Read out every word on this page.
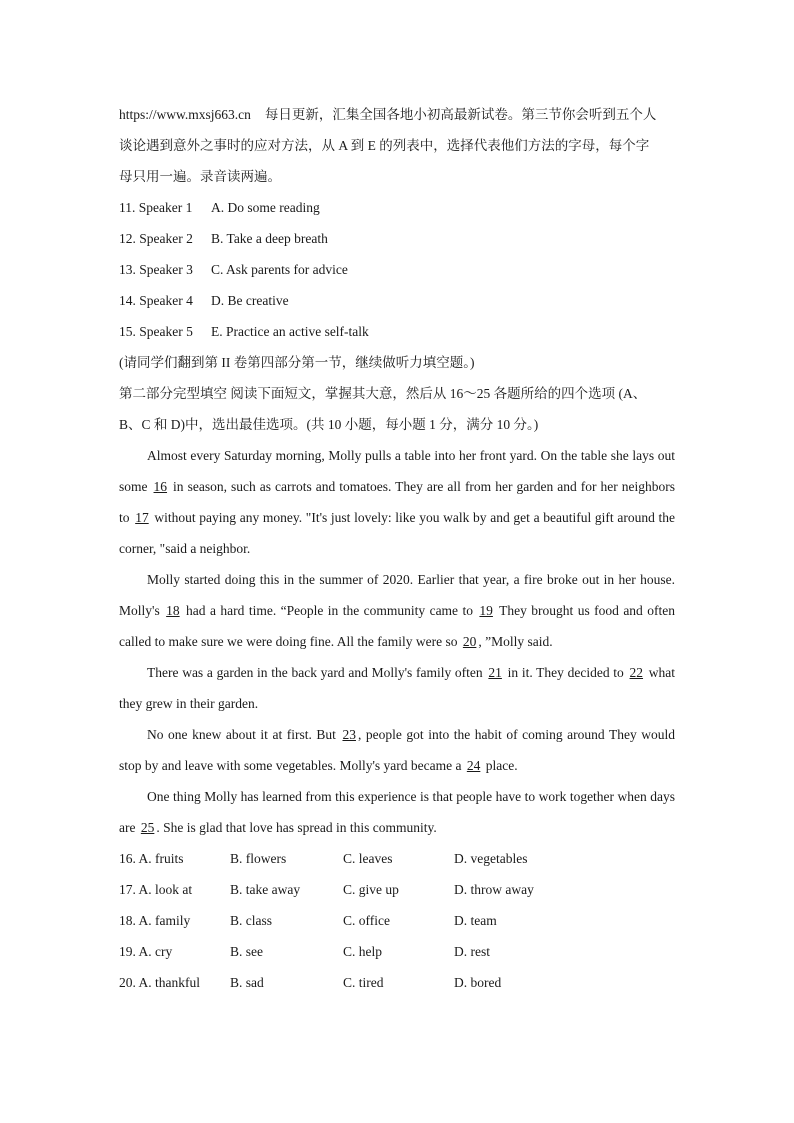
https://www.mxsj663.cn 每日更新，汇集全国各地小初高最新试卷。第三节你会听到五个人
谈论遇到意外之事时的应对方法，从 A 到 E 的列表中，选择代表他们方法的字母，每个字
母只用一遍。录音读两遍。
11. Speaker 1 A. Do some reading
12. Speaker 2 B. Take a deep breath
13. Speaker 3 C. Ask parents for advice
14. Speaker 4 D. Be creative
15. Speaker 5 E. Practice an active self-talk
(请同学们翻到第 II 卷第四部分第一节，继续做听力填空题。)
第二部分完型填空 阅读下面短文，掌握其大意，然后从 16～25 各题所给的四个选项 (A、
B、C 和 D)中，选出最佳选项。(共 10 小题，每小题 1 分，满分 10 分。)
Almost every Saturday morning, Molly pulls a table into her front yard. On the table she lays out some 16 in season, such as carrots and tomatoes. They are all from her garden and for her neighbors to 17 without paying any money. "It's just lovely: like you walk by and get a beautiful gift around the corner, "said a neighbor.
Molly started doing this in the summer of 2020. Earlier that year, a fire broke out in her house. Molly's 18 had a hard time. “People in the community came to 19 They brought us food and often called to make sure we were doing fine. All the family were so 20 , ”Molly said.
There was a garden in the back yard and Molly's family often 21 in it. They decided to 22 what they grew in their garden.
No one knew about it at first. But 23 , people got into the habit of coming around They would stop by and leave with some vegetables. Molly's yard became a 24 place.
One thing Molly has learned from this experience is that people have to work together when days are 25 . She is glad that love has spread in this community.
16. A. fruits	B. flowers	C. leaves	D. vegetables
17. A. look at	B. take away	C. give up	D. throw away
18. A. family	B. class	C. office	D. team
19. A. cry	B. see	C. help	D. rest
20. A. thankful B. sad	C. tired	D. bored
